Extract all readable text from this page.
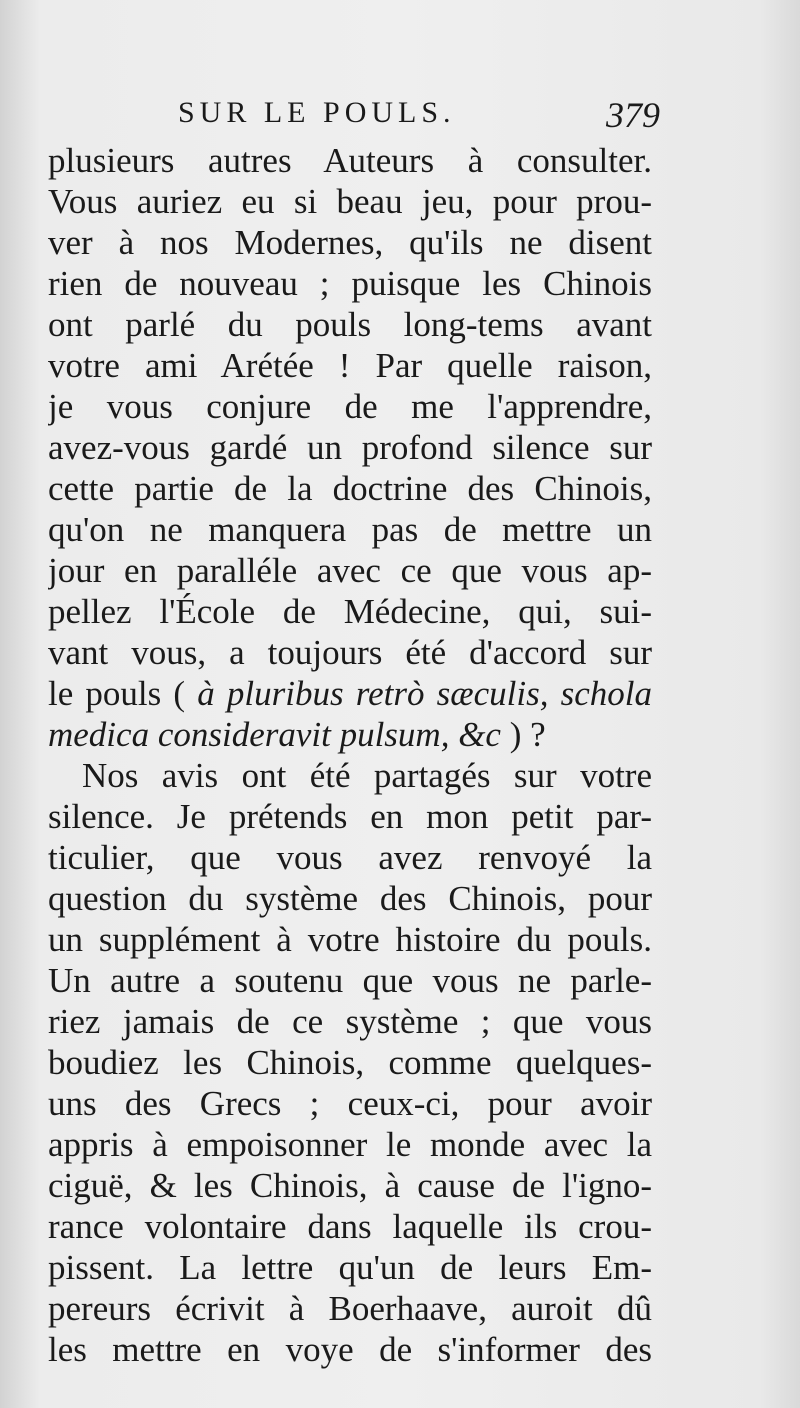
SUR LE POULS.	379
plusieurs autres Auteurs à consulter.
Vous auriez eu si beau jeu, pour prou-
ver à nos Modernes, qu'ils ne disent
rien de nouveau ; puisque les Chinois
ont parlé du pouls long-tems avant
votre ami Arétée ! Par quelle raison,
je vous conjure de me l'apprendre,
avez-vous gardé un profond silence sur
cette partie de la doctrine des Chinois,
qu'on ne manquera pas de mettre un
jour en paralléle avec ce que vous ap-
pellez l'École de Médecine, qui, sui-
vant vous, a toujours été d'accord sur
le pouls ( à pluribus retrò sæculis, schola
medica consideravit pulsum, &c ) ?
Nos avis ont été partagés sur votre
silence. Je prétends en mon petit par-
ticulier, que vous avez renvoyé la
question du système des Chinois, pour
un supplément à votre histoire du pouls.
Un autre a soutenu que vous ne parle-
riez jamais de ce système ; que vous
boudiez les Chinois, comme quelques-
uns des Grecs ; ceux-ci, pour avoir
appris à empoisonner le monde avec la
ciguë, & les Chinois, à cause de l'igno-
rance volontaire dans laquelle ils crou-
pissent. La lettre qu'un de leurs Em-
pereurs écrivit à Boerhaave, auroit dû
les mettre en voye de s'informer des
